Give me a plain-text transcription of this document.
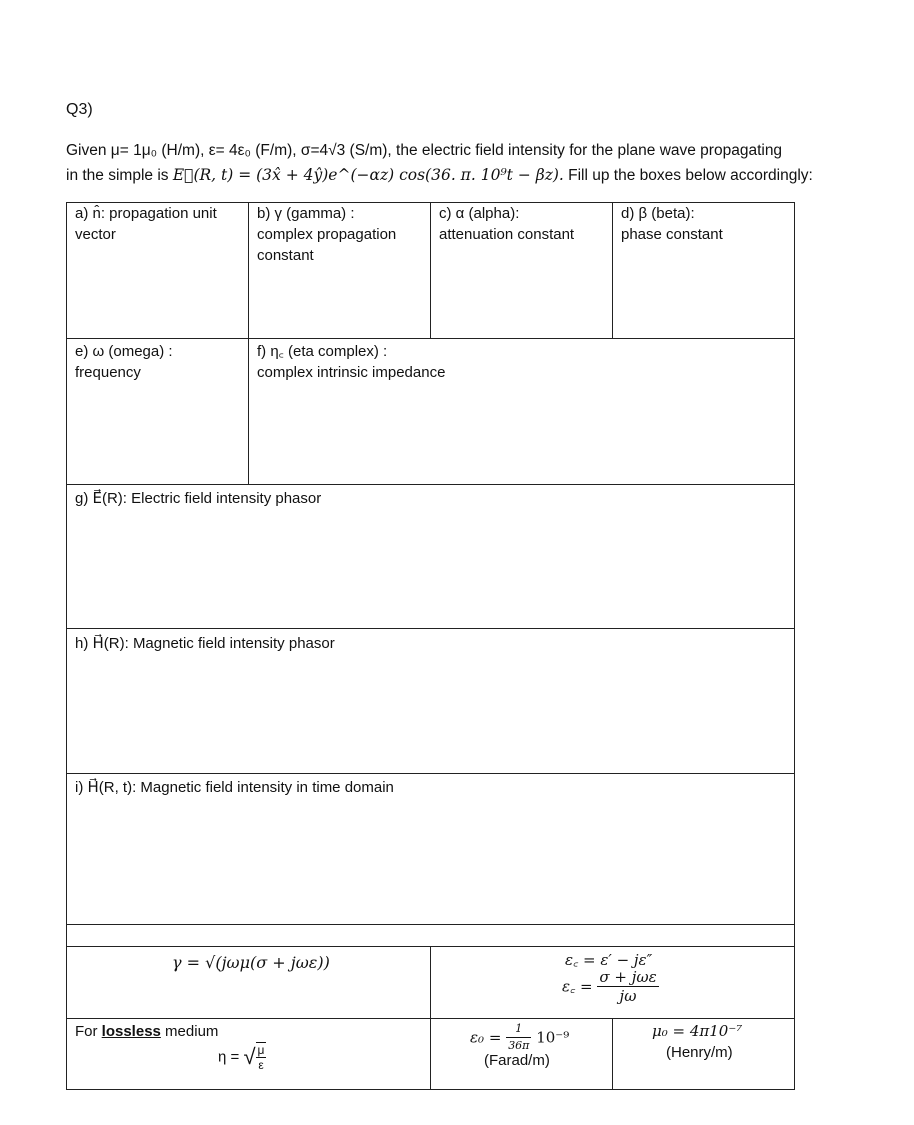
Q3)
Given μ= 1μ₀ (H/m), ε= 4ε₀ (F/m), σ=4√3 (S/m), the electric field intensity for the plane wave propagating
in the simple is E⃗(R, t) = (3x̂ + 4ŷ)e^(−αz) cos(36. π. 10⁹t − βz). Fill up the boxes below accordingly:
a) n̂: propagation unit
vector
b) γ (gamma) :
complex propagation
constant
c) α (alpha):
attenuation constant
d) β (beta):
phase constant
e) ω (omega) :
frequency
f) η꜀ (eta complex) :
complex intrinsic impedance
g) E⃗(R): Electric field intensity phasor
h) H⃗(R): Magnetic field intensity phasor
i) H⃗(R, t): Magnetic field intensity in time domain
γ = √(jωμ(σ + jωε))	ε꜀ = ε′ − jε″
ε꜀ = $\frac{\text{σ + jωε}}{j\omega}$
For lossless medium
η = √ $\frac{\mu}{\varepsilon}$
$\varepsilon_0 = \frac{1}{36\pi} 10^{-9}$
(Farad/m)
μ₀ = 4π10⁻⁷
(Henry/m)
